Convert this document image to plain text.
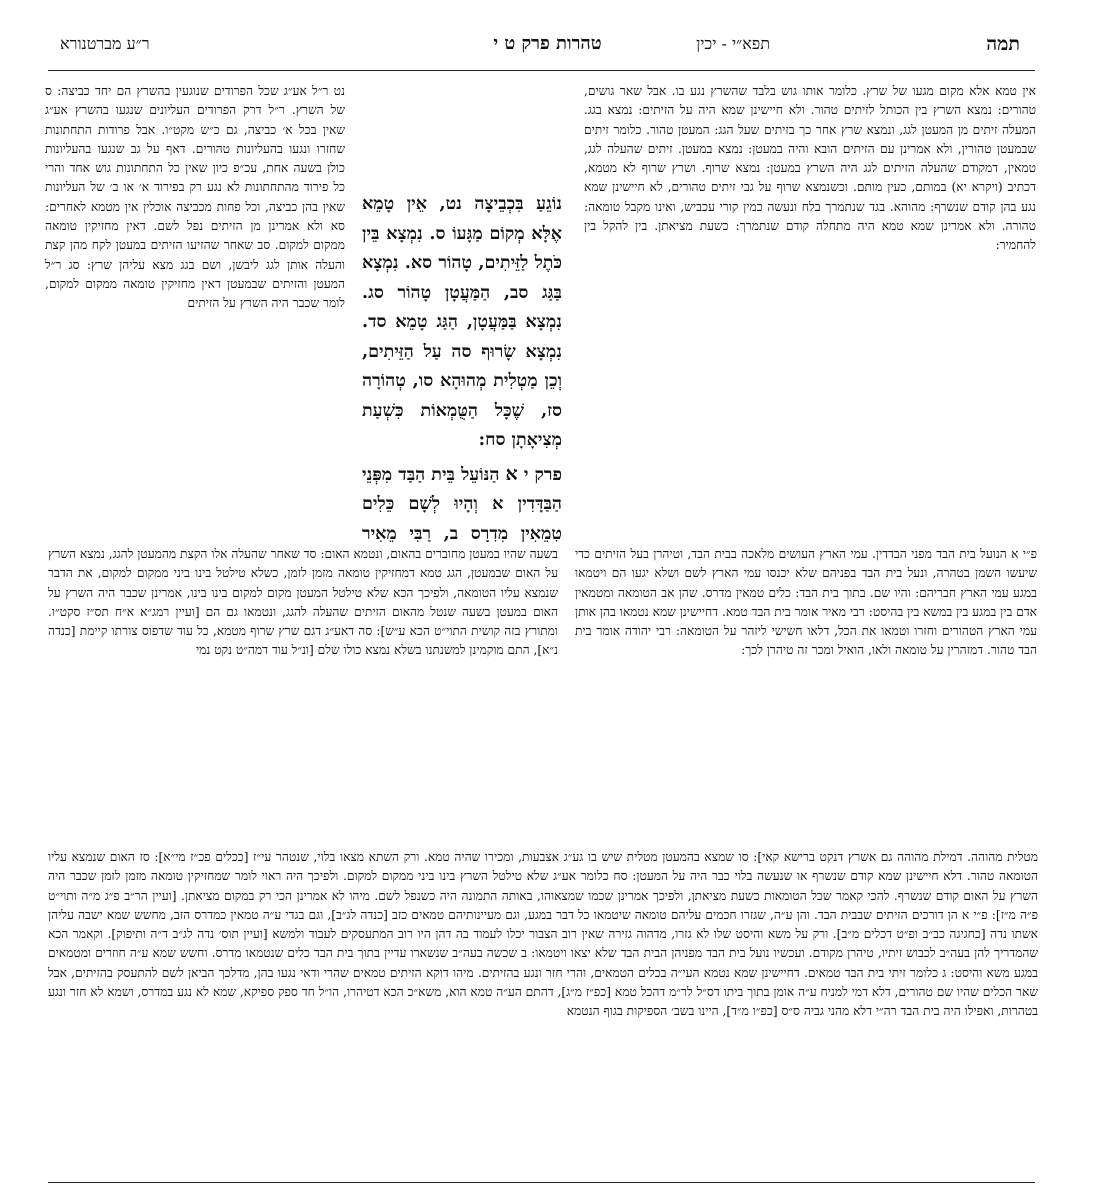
תמה
טהרות פרק ט י	תפא״י - יכין
ר״ע מברטנורא

אין טמא אלא מקום מגעו של שרץ. כלומר אותו גוש בלבד שהשרץ נגע בו. אבל שאר גושים, טהורים: נמצא השרץ בין הכותל לזיתים טהור. ולא חיישינן שמא היה על הזיתים: נמצא בגג. המעלה זיתים מן המעטן לגג, ונמצא שרץ אחר כך בזיתים שעל הגג: המעטן טהור. כלומר זיתים שבמעטן טהורין, ולא אמרינן עם הזיתים הובא והיה במעטן: נמצא במעטן. זיתים שהעלה לגג, טמאין, דמקודם שהעלה הזיתים לגג היה השרץ במעטן: נמצא שרוף. ושרץ שרוף לא מטמא, דכתיב (ויקרא יא) במותם, כעין מותם. וכשנמצא שרוף על גבי זיתים טהורים, לא חיישינן שמא נגע בהן קודם שנשרף: מהוהא. בגד שנתמרך בלח ונעשה כמין קורי עכביש, ואינו מקבל טומאה: טהורה. ולא אמרינן שמא טמא היה מתחלה קודם שנתמרך: כשעת מציאתן. בין להקל בין להחמיר:

נט ר״ל אע״ג שכל הפרודים שנוגעין בהשרץ הם יחד כביצה: ס של השרץ. ר״ל דרק הפרודים העליונים שנגעו בהשרץ אע״ג שאין בכל א׳ כביצה, גם כ״ש מקט״ו. אבל פרודות התחתונות שחזרו ונגעו בהעליונות טהורים. דאף על גב שנגעו בהעליונות כולן בשעה אחת, עכ״פ כיון שאין כל התחתונות גוש אחד והרי כל פירוד מהתחתונות לא נגע רק בפירוד א׳ או ב׳ של העליונות שאין בהן כביצה, וכל פחות מכביצה אוכלין אין מטמא לאחרים: סא ולא אמרינן מן הזיתים נפל לשם. דאין מחזיקין טומאה ממקום למקום. סב שאחר שהזיעו הזיתים במעטן לקח מהן קצת והעלה אותן לגג ליבשן, ושם בגג מצא עליהן שרץ: סג ר״ל המעטן והזיתים שבמעטן דאין מחזיקין טומאה ממקום למקום, לומר שכבר היה השרץ על הזיתים

נוֹגֵעַ בִּכְבֵיצָה נט, אֵין טָמֵא אֶלָּא מְקוֹם מַגָּעוֹ ס. נִמְצָא בֵּין כֹּתֶל לַזֵּיתִים, טָהוֹר סא. נִמְצָא בַּגַּג סב, הַמַּעֲטָן טָהוֹר סג. נִמְצָא בַּמַּעֲטָן, הַגַּג טָמֵא סד. נִמְצָא שָׂרוּף סה עַל הַזֵּיתִים, וְכֵן מַטְלִית מְהוּהָא סו, טְהוֹרָה סז, שֶׁכָּל הַטֻּמְאוֹת כִּשְׁעַת מְצִיאָתָן סח:
פרק י א הַנּוֹעֵל בֵּית הַבַּד מִפְּנֵי הַבַּדָּדִין א וְהָיוּ לְשָׁם כֵּלִים טְמֵאִין מִדְרָס ב, רַבִּי מֵאִיר

פ״י א הנועל בית הבד מפני הבדדין. עמי הארץ העושים מלאכה בבית הבד, וטיהרן בעל הזיתים כדי שיעשו השמן בטהרה, ונעל בית הבד בפניהם שלא יכנסו עמי הארץ לשם ושלא יגעו הם ויטמאו במגע עמי הארץ חבריהם: והיו שם. בתוך בית הבד: כלים טמאין מדרס. שהן אב הטומאה ומטמאין אדם בין במגע בין במשא בין בהיסט: רבי מאיר אומר בית הבד טמא. דחיישינן שמא נטמאו בהן אותן עמי הארץ הטהורים וחזרו וטמאו את הכל, דלאו חשישי ליזהר על הטומאה: רבי יהודה אומר בית הבד טהור. דמזהרין על טומאה ולאו, הואיל ומכר זה טיהרן לכך:

בשעה שהיו במעטן מחוברים בהאום, ונטמא האום: סד שאחר שהעלה אלו הקצת מהמעטן להגג, נמצא השרץ על האום שבמעטן, הגג טמא דמחזיקין טומאה מזמן לזמן, כשלא טילטל בינו ביני ממקום למקום, את הדבר שנמצא עליו הטומאה, ולפיכך הכא שלא טילטל המעטן מקום למקום בינו בינו, אמרינן שכבר היה השרץ על האום במעטן בשעה שנטל מהאום הזיתים שהעלה להגג, ונטמאו גם הם [ועיין רמג״א א״ח תס״ז סקט״ו. ומתורץ בזה קושית התוי״ט הכא ע״ש]: סה דאע״ג דגם שרץ שרוף מטמא, כל עוד שדפוס צורתו קיימת [כנדה נ״א], התם מוקמינן למשנתנו בשלא נמצא כולו שלם [ונ״ל עוד דמה״ט נקט נמי

מטלית מהוהה. דמילת מהוהה גם אשרץ דנקט ברישא קאי]: סו שמצא בהמעטן מטלית שיש בו גע״ג אצבעות, ומכירו שהיה טמא. ורק השתא מצאו בלוי, שנטהר עי״ז [ככלים פכ״ז מי״א]: סז האום שנמצא עליו הטומאה טהור. דלא חיישינן שמא קודם שנשרף או שנעשה בלוי כבר היה על המעטן: סח כלומר אע״ג שלא טילטל השרץ בינו ביני ממקום למקום. ולפיכך היה ראוי לומר שמחזיקין טומאה מזמן לזמן שכבר היה השרץ על האום קודם שנשרף. להכי קאמר שכל הטומאות כשעת מציאתן, ולפיכך אמרינן שכמו שמצאוהו, באותה התמונה היה כשנפל לשם. מיהו לא אמרינן הכי רק במקום מציאתן. [ועיין הר״ב פ״ג מ״ה ותוי״ט פ״ה מ״ז]: פ״י א הן דורכים הזיתים שבבית הבד. והן ע״ה, שגזרו חכמים עליהם טומאה שיטמאו כל דבר במגע, וגם מעיינותיהם טמאים כזב [כנדה לג״ב], וגם בגדי ע״ה טמאין כמדרס הזב, מחשש שמא ישבה עליהן אשתו נדה [כחגיגה כב״ב ופ״ט דכלים מ״ב]. ורק על משא והיסט שלו לא גזרו, מדהוה גזירה שאין רוב הצבור יכלו לעמוד בה דהן היו רוב המתעסקים לעבוד ולמשא [ועיין תוס׳ נדה לג״ב ד״ה ותיפוק]. וקאמר הכא שהמדריך להן בעה״ב לכבוש זיתיו, טיהרן מקודם. ועכשיו נועל בית הבד מפניהן הבית הבד שלא יצאו ויטמאו: ב שכשה בעה״ב שנשארו עדיין בתוך בית הבד כלים שנטמאו מדרס. וחשש שמא ע״ה חוזרים ומטמאים במגע משא והיסט: ג כלומר זיתי בית הבד טמאים. דחיישינן שמא נטמא העי״ה בכלים הטמאים, והרי חזר ונגע בהזיתים. מיהו דוקא הזיתים טמאים שהרי ודאי נגעו בהן, מדלכך הביאן לשם להתעסק בהזיתים, אבל שאר הכלים שהיו שם טהורים, דלא דמי למניח ע״ה אומן בתוך ביתו דס״ל לר״מ דהכל טמא [כפ״ז מ״ג], דהתם הע״ה טמא הוא, משא״כ הכא דטיהרו, הו״ל חד ספק ספיקא, שמא לא נגע במדרס, ושמא לא חזר ונגע בטהרות, ואפילו היה בית הבד רה״י דלא מהני גביה ס״ס [כפ״ו מ״ד], היינו בשב׳ הספיקות בגוף הנטמא
